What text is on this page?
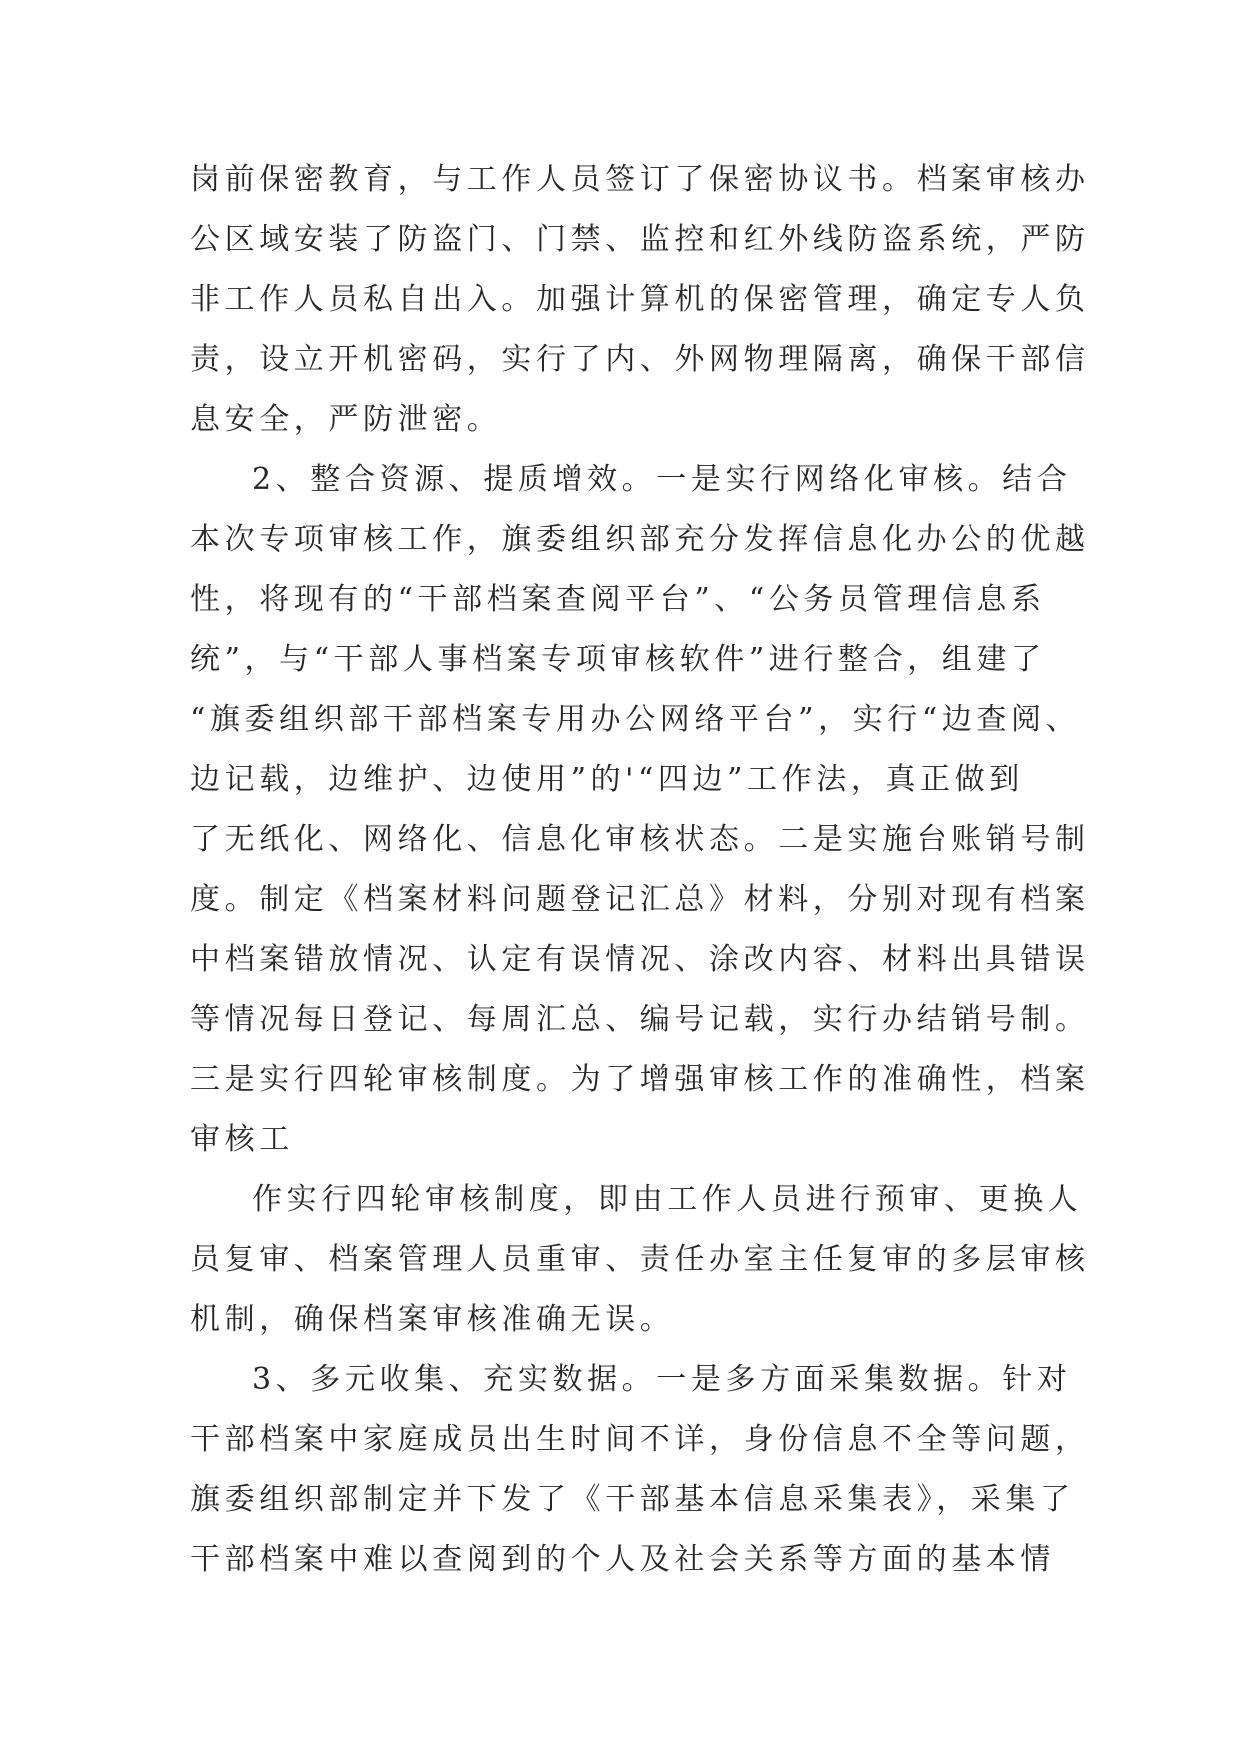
岗前保密教育，与工作人员签订了保密协议书。档案审核办
公区域安装了防盗门、门禁、监控和红外线防盗系统，严防
非工作人员私自出入。加强计算机的保密管理，确定专人负
责，设立开机密码，实行了内、外网物理隔离，确保干部信
息安全，严防泄密。
2、整合资源、提质增效。一是实行网络化审核。结合
本次专项审核工作，旗委组织部充分发挥信息化办公的优越
性，将现有的“干部档案查阅平台”、“公务员管理信息系
统”，与“干部人事档案专项审核软件”进行整合，组建了
“旗委组织部干部档案专用办公网络平台”，实行“边查阅、
边记载，边维护、边使用”的'“四边”工作法，真正做到
了无纸化、网络化、信息化审核状态。二是实施台账销号制
度。制定《档案材料问题登记汇总》材料，分别对现有档案
中档案错放情况、认定有误情况、涂改内容、材料出具错误
等情况每日登记、每周汇总、编号记载，实行办结销号制。
三是实行四轮审核制度。为了增强审核工作的准确性，档案
审核工
作实行四轮审核制度，即由工作人员进行预审、更换人
员复审、档案管理人员重审、责任办室主任复审的多层审核
机制，确保档案审核准确无误。
3、多元收集、充实数据。一是多方面采集数据。针对
干部档案中家庭成员出生时间不详，身份信息不全等问题，
旗委组织部制定并下发了《干部基本信息采集表》，采集了
干部档案中难以查阅到的个人及社会关系等方面的基本情
